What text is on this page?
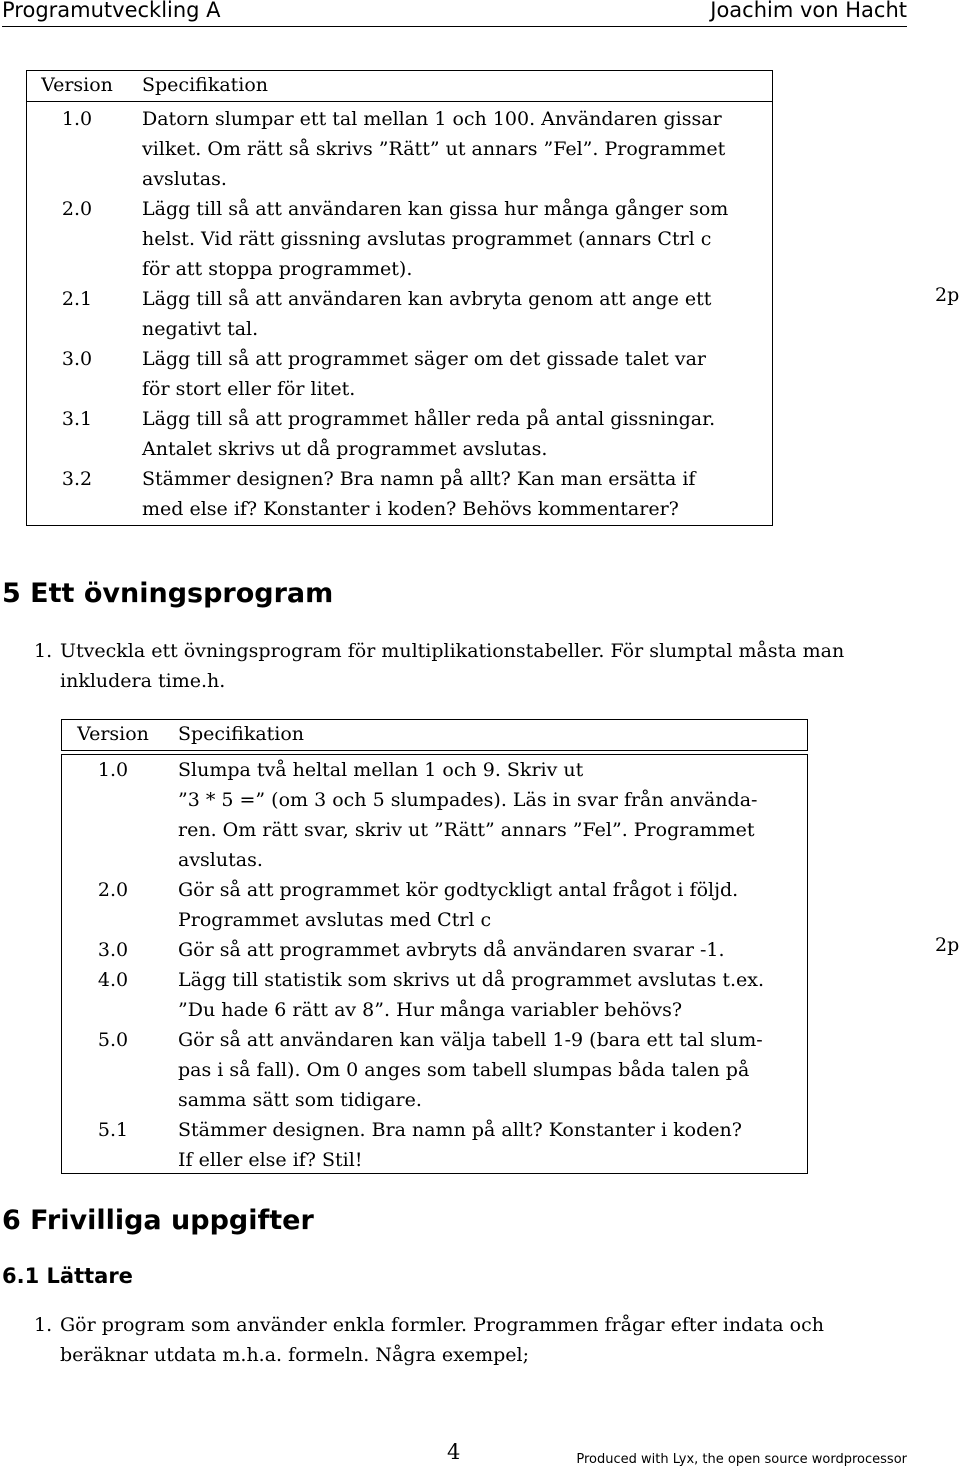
Programutveckling A	Joachim von Hacht
Version	Specifikation
1.0	Datorn slumpar ett tal mellan 1 och 100. Användaren gissar
vilket. Om rätt så skrivs ”Rätt” ut annars ”Fel”. Programmet
avslutas.
2.0	Lägg till så att användaren kan gissa hur många gånger som
helst. Vid rätt gissning avslutas programmet (annars Ctrl c
för att stoppa programmet).
2.1	Lägg till så att användaren kan avbryta genom att ange ett
negativt tal.
3.0	Lägg till så att programmet säger om det gissade talet var
för stort eller för litet.
3.1	Lägg till så att programmet håller reda på antal gissningar.
Antalet skrivs ut då programmet avslutas.
3.2	Stämmer designen? Bra namn på allt? Kan man ersätta if
med else if? Konstanter i koden? Behövs kommentarer?
2p
5 Ett övningsprogram
1. Utveckla ett övningsprogram för multiplikationstabeller. För slumptal måsta man
inkludera time.h.
Version	Specifikation
1.0	Slumpa två heltal mellan 1 och 9. Skriv ut
”3 * 5 =” (om 3 och 5 slumpades). Läs in svar från använda-
ren. Om rätt svar, skriv ut ”Rätt” annars ”Fel”. Programmet
avslutas.
2.0	Gör så att programmet kör godtyckligt antal frågot i följd.
Programmet avslutas med Ctrl c
3.0	Gör så att programmet avbryts då användaren svarar -1.
4.0	Lägg till statistik som skrivs ut då programmet avslutas t.ex.
”Du hade 6 rätt av 8”. Hur många variabler behövs?
5.0	Gör så att användaren kan välja tabell 1-9 (bara ett tal slum-
pas i så fall). Om 0 anges som tabell slumpas båda talen på
samma sätt som tidigare.
5.1	Stämmer designen. Bra namn på allt? Konstanter i koden?
If eller else if? Stil!
2p
6 Frivilliga uppgifter
6.1 Lättare
1. Gör program som använder enkla formler. Programmen frågar efter indata och
beräknar utdata m.h.a. formeln. Några exempel;
4	Produced with Lyx, the open source wordprocessor
